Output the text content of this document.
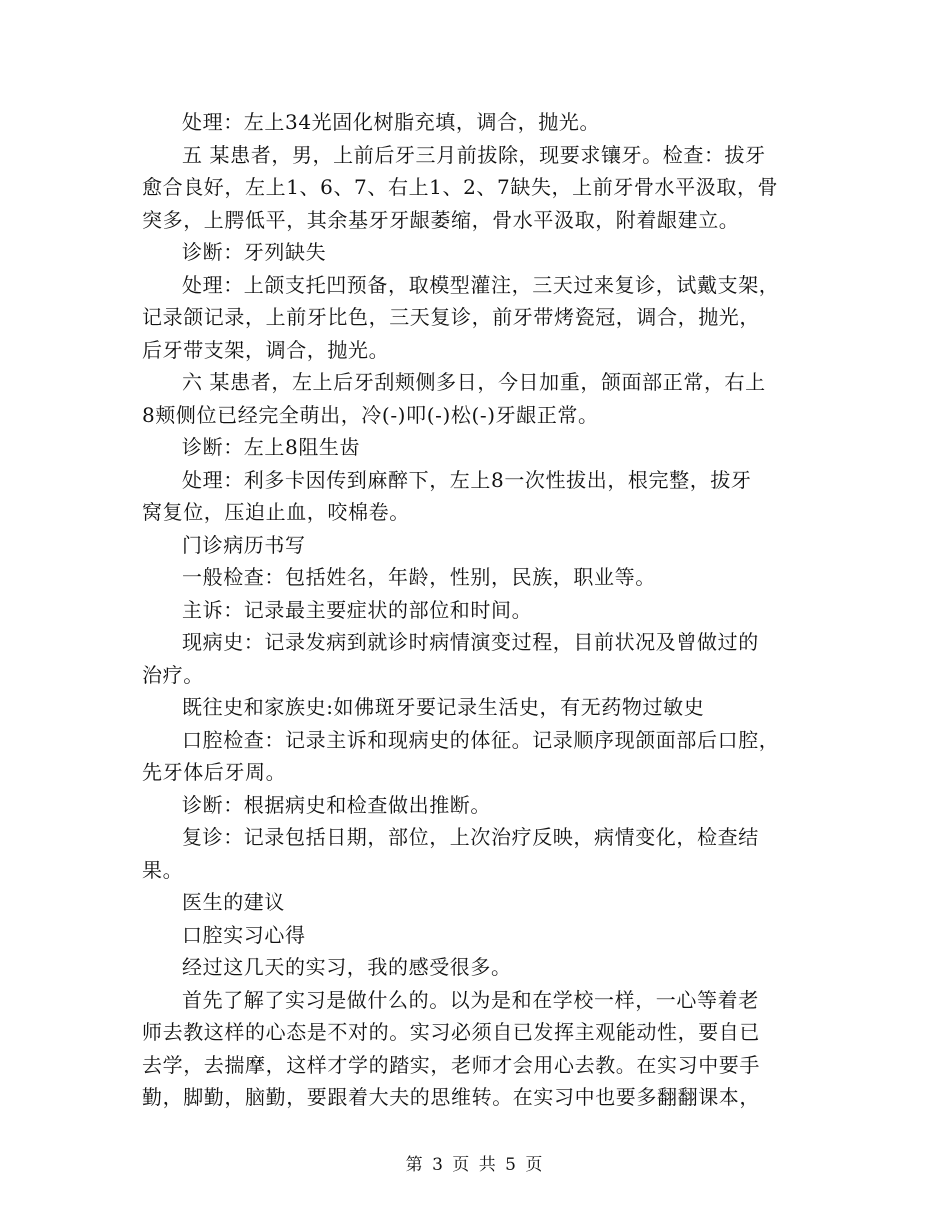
处理：左上34光固化树脂充填，调合，抛光。

五 某患者，男，上前后牙三月前拔除，现要求镶牙。检查：拔牙
愈合良好，左上1、6、7、右上1、2、7缺失，上前牙骨水平汲取，骨
突多，上腭低平，其余基牙牙龈萎缩，骨水平汲取，附着龈建立。

诊断：牙列缺失

处理：上颌支托凹预备，取模型灌注，三天过来复诊，试戴支架，
记录颌记录，上前牙比色，三天复诊，前牙带烤瓷冠，调合，抛光，
后牙带支架，调合，抛光。

六 某患者，左上后牙刮颊侧多日，今日加重，颌面部正常，右上
8颊侧位已经完全萌出，冷(-)叩(-)松(-)牙龈正常。

诊断：左上8阻生齿

处理：利多卡因传到麻醉下，左上8一次性拔出，根完整，拔牙
窝复位，压迫止血，咬棉卷。

门诊病历书写

一般检查：包括姓名，年龄，性别，民族，职业等。

主诉：记录最主要症状的部位和时间。

现病史：记录发病到就诊时病情演变过程，目前状况及曾做过的
治疗。

既往史和家族史:如佛斑牙要记录生活史，有无药物过敏史

口腔检查：记录主诉和现病史的体征。记录顺序现颌面部后口腔，
先牙体后牙周。

诊断：根据病史和检查做出推断。

复诊：记录包括日期，部位，上次治疗反映，病情变化，检查结
果。

医生的建议

口腔实习心得

经过这几天的实习，我的感受很多。

首先了解了实习是做什么的。以为是和在学校一样，一心等着老
师去教这样的心态是不对的。实习必须自已发挥主观能动性，要自已
去学，去揣摩，这样才学的踏实，老师才会用心去教。在实习中要手
勤，脚勤，脑勤，要跟着大夫的思维转。在实习中也要多翻翻课本，

第 3 页 共 5 页
